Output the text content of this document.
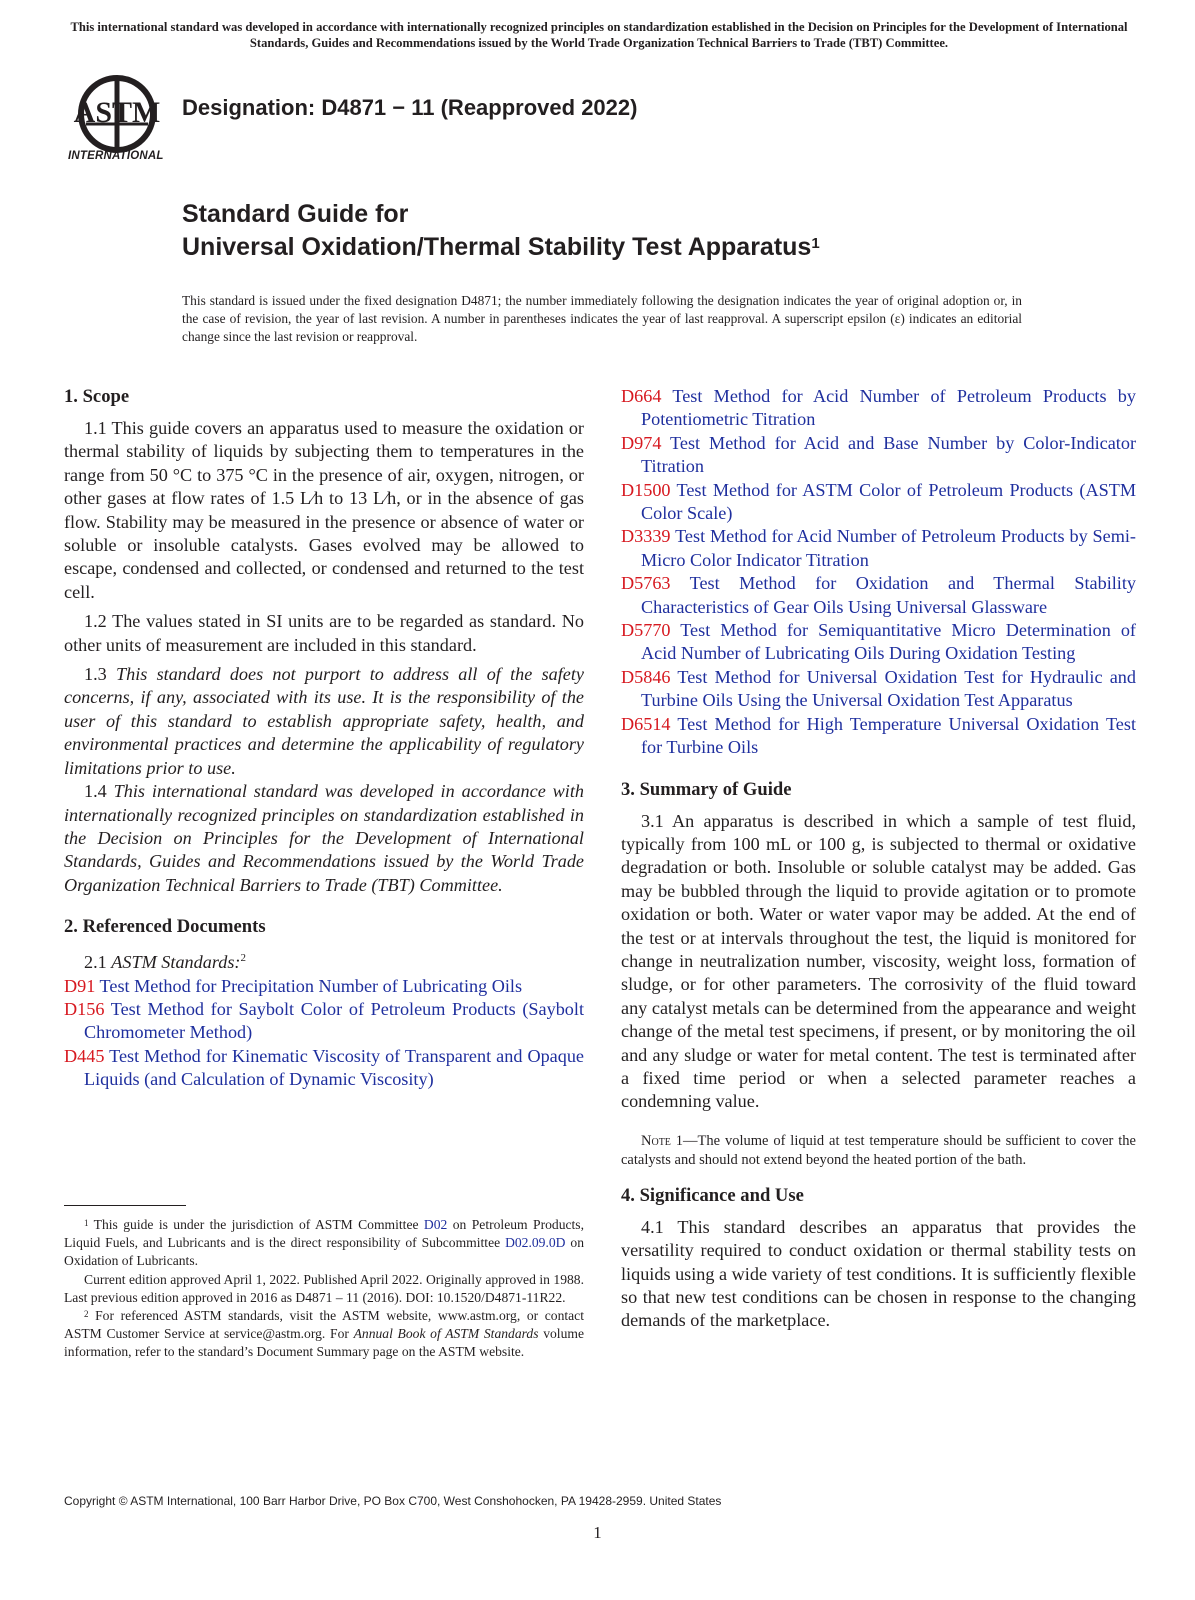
This international standard was developed in accordance with internationally recognized principles on standardization established in the Decision on Principles for the Development of International Standards, Guides and Recommendations issued by the World Trade Organization Technical Barriers to Trade (TBT) Committee.
ASTM
INTERNATIONAL
Designation: D4871 − 11 (Reapproved 2022)
Standard Guide for
Universal Oxidation/Thermal Stability Test Apparatus$^1$
This standard is issued under the fixed designation D4871; the number immediately following the designation indicates the year of original adoption or, in the case of revision, the year of last revision. A number in parentheses indicates the year of last reapproval. A superscript epsilon (ε) indicates an editorial change since the last revision or reapproval.
1. Scope

1.1 This guide covers an apparatus used to measure the oxidation or thermal stability of liquids by subjecting them to temperatures in the range from 50 °C to 375 °C in the presence of air, oxygen, nitrogen, or other gases at flow rates of 1.5 L⁄h to 13 L⁄h, or in the absence of gas flow. Stability may be measured in the presence or absence of water or soluble or insoluble catalysts. Gases evolved may be allowed to escape, condensed and collected, or condensed and returned to the test cell.

1.2 The values stated in SI units are to be regarded as standard. No other units of measurement are included in this standard.

1.3 This standard does not purport to address all of the safety concerns, if any, associated with its use. It is the responsibility of the user of this standard to establish appropriate safety, health, and environmental practices and determine the applicability of regulatory limitations prior to use.

1.4 This international standard was developed in accordance with internationally recognized principles on standardization established in the Decision on Principles for the Development of International Standards, Guides and Recommendations issued by the World Trade Organization Technical Barriers to Trade (TBT) Committee.

2. Referenced Documents

2.1 ASTM Standards:$^2$

D91 Test Method for Precipitation Number of Lubricating Oils
D156 Test Method for Saybolt Color of Petroleum Products (Saybolt Chromometer Method)
D445 Test Method for Kinematic Viscosity of Transparent and Opaque Liquids (and Calculation of Dynamic Viscosity)
D664 Test Method for Acid Number of Petroleum Products by Potentiometric Titration
D974 Test Method for Acid and Base Number by Color-Indicator Titration
D1500 Test Method for ASTM Color of Petroleum Products (ASTM Color Scale)
D3339 Test Method for Acid Number of Petroleum Products by Semi-Micro Color Indicator Titration
D5763 Test Method for Oxidation and Thermal Stability Characteristics of Gear Oils Using Universal Glassware
D5770 Test Method for Semiquantitative Micro Determination of Acid Number of Lubricating Oils During Oxidation Testing
D5846 Test Method for Universal Oxidation Test for Hydraulic and Turbine Oils Using the Universal Oxidation Test Apparatus
D6514 Test Method for High Temperature Universal Oxidation Test for Turbine Oils
3. Summary of Guide

3.1 An apparatus is described in which a sample of test fluid, typically from 100 mL or 100 g, is subjected to thermal or oxidative degradation or both. Insoluble or soluble catalyst may be added. Gas may be bubbled through the liquid to provide agitation or to promote oxidation or both. Water or water vapor may be added. At the end of the test or at intervals throughout the test, the liquid is monitored for change in neutralization number, viscosity, weight loss, formation of sludge, or for other parameters. The corrosivity of the fluid toward any catalyst metals can be determined from the appearance and weight change of the metal test specimens, if present, or by monitoring the oil and any sludge or water for metal content. The test is terminated after a fixed time period or when a selected parameter reaches a condemning value.

Note 1—The volume of liquid at test temperature should be sufficient to cover the catalysts and should not extend beyond the heated portion of the bath.
4. Significance and Use

4.1 This standard describes an apparatus that provides the versatility required to conduct oxidation or thermal stability tests on liquids using a wide variety of test conditions. It is sufficiently flexible so that new test conditions can be chosen in response to the changing demands of the marketplace.

$^1$ This guide is under the jurisdiction of ASTM Committee D02 on Petroleum Products, Liquid Fuels, and Lubricants and is the direct responsibility of Subcommittee D02.09.0D on Oxidation of Lubricants.

Current edition approved April 1, 2022. Published April 2022. Originally approved in 1988. Last previous edition approved in 2016 as D4871 – 11 (2016). DOI: 10.1520/D4871-11R22.

$^2$ For referenced ASTM standards, visit the ASTM website, www.astm.org, or contact ASTM Customer Service at service@astm.org. For Annual Book of ASTM Standards volume information, refer to the standard’s Document Summary page on the ASTM website.

Copyright © ASTM International, 100 Barr Harbor Drive, PO Box C700, West Conshohocken, PA 19428-2959. United States
1
